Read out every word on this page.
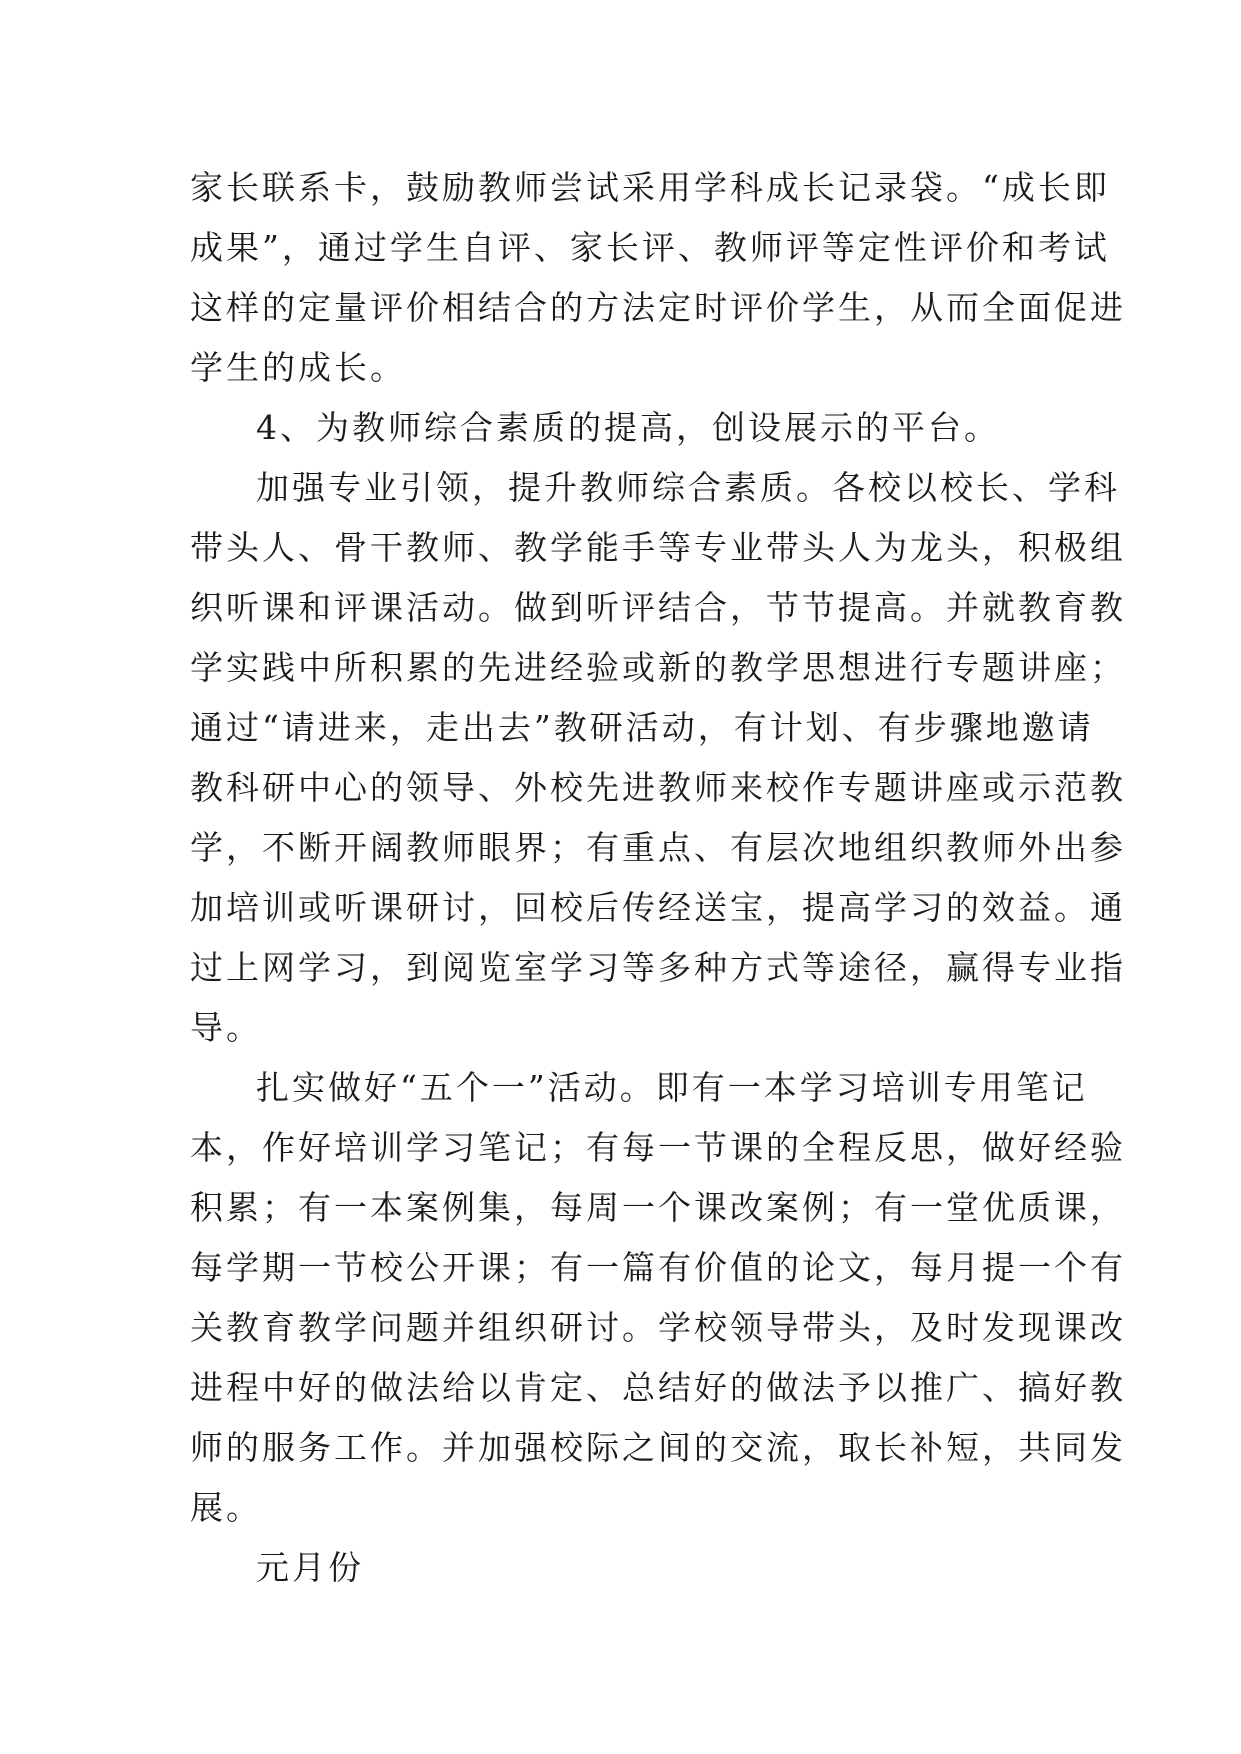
家长联系卡，鼓励教师尝试采用学科成长记录袋。“成长即
成果”，通过学生自评、家长评、教师评等定性评价和考试
这样的定量评价相结合的方法定时评价学生，从而全面促进
学生的成长。
4、为教师综合素质的提高，创设展示的平台。
加强专业引领，提升教师综合素质。各校以校长、学科
带头人、骨干教师、教学能手等专业带头人为龙头，积极组
织听课和评课活动。做到听评结合，节节提高。并就教育教
学实践中所积累的先进经验或新的教学思想进行专题讲座；
通过“请进来，走出去”教研活动，有计划、有步骤地邀请
教科研中心的领导、外校先进教师来校作专题讲座或示范教
学，不断开阔教师眼界；有重点、有层次地组织教师外出参
加培训或听课研讨，回校后传经送宝，提高学习的效益。通
过上网学习，到阅览室学习等多种方式等途径，赢得专业指
导。
扎实做好“五个一”活动。即有一本学习培训专用笔记
本，作好培训学习笔记；有每一节课的全程反思，做好经验
积累；有一本案例集，每周一个课改案例；有一堂优质课，
每学期一节校公开课；有一篇有价值的论文，每月提一个有
关教育教学问题并组织研讨。学校领导带头，及时发现课改
进程中好的做法给以肯定、总结好的做法予以推广、搞好教
师的服务工作。并加强校际之间的交流，取长补短，共同发
展。
元月份
